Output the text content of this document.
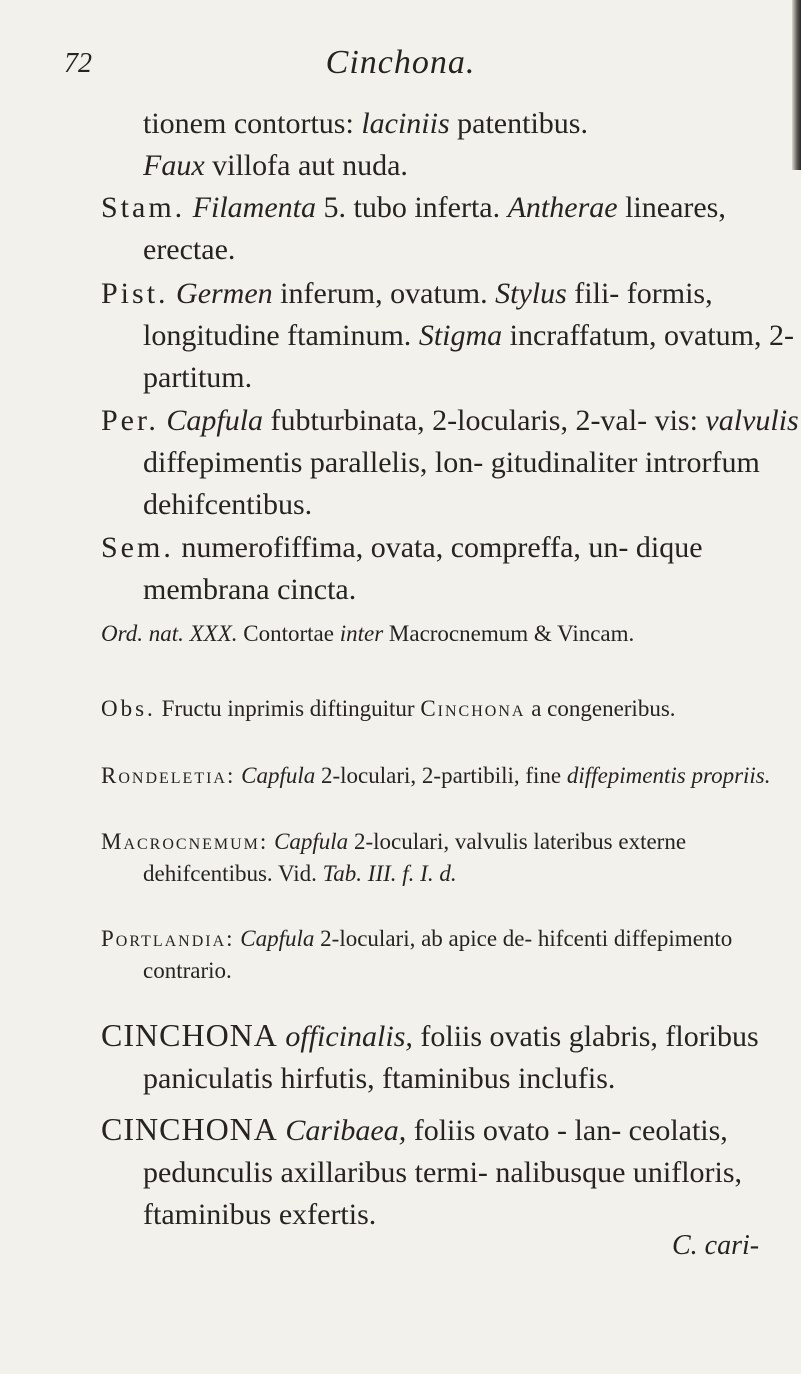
72	Cinchona.

tionem contortus: laciniis patentibus.
Faux villofa aut nuda.

Stam. Filamenta 5. tubo inferta. Antherae lineares, erectae.

Pist. Germen inferum, ovatum. Stylus fili- formis, longitudine ftaminum. Stigma incraffatum, ovatum, 2-partitum.

Per. Capfula fubturbinata, 2-locularis, 2-val- vis: valvulis diffepimentis parallelis, lon- gitudinaliter introrfum dehifcentibus.

Sem. numerofiffima, ovata, compreffa, un- dique membrana cincta.

Ord. nat. XXX. Contortae inter Macrocnemum & Vincam.

Obs. Fructu inprimis diftinguitur Cinchona a congeneribus.

Rondeletia: Capfula 2-loculari, 2-partibili, fine diffepimentis propriis.

Macrocnemum: Capfula 2-loculari, valvulis lateribus externe dehifcentibus. Vid. Tab. III. f. I. d.

Portlandia: Capfula 2-loculari, ab apice de- hifcenti diffepimento contrario.

CINCHONA officinalis, foliis ovatis glabris, floribus paniculatis hirfutis, ftaminibus inclufis.

CINCHONA Caribaea, foliis ovato - lan- ceolatis, pedunculis axillaribus termi- nalibusque unifloris, ftaminibus exfertis.

C. cari-
